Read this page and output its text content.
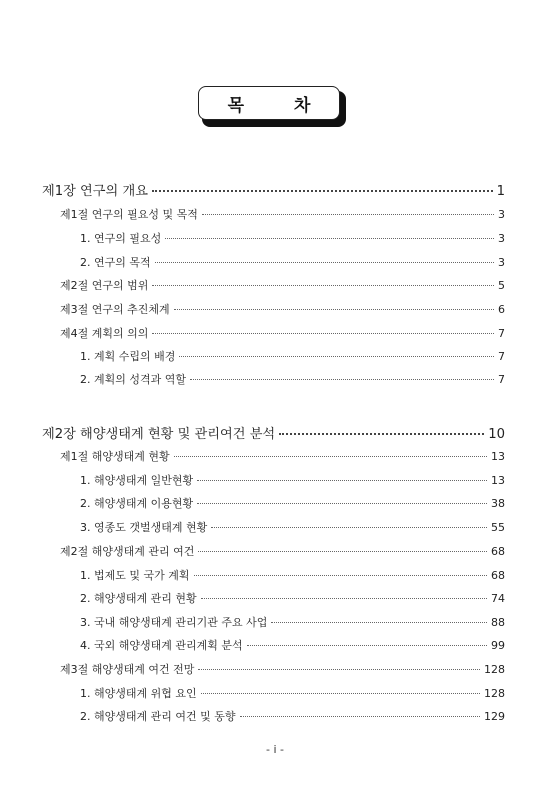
목 차
제1장 연구의 개요	1
제1절 연구의 필요성 및 목적	3
1. 연구의 필요성	3
2. 연구의 목적	3
제2절 연구의 범위	5
제3절 연구의 추진체계	6
제4절 계획의 의의	7
1. 계획 수립의 배경	7
2. 계획의 성격과 역할	7
제2장 해양생태계 현황 및 관리여건 분석	10
제1절 해양생태계 현황	13
1. 해양생태계 일반현황	13
2. 해양생태계 이용현황	38
3. 영종도 갯벌생태계 현황	55
제2절 해양생태계 관리 여건	68
1. 법제도 및 국가 계획	68
2. 해양생태계 관리 현황	74
3. 국내 해양생태계 관리기관 주요 사업	88
4. 국외 해양생태계 관리계획 분석	99
제3절 해양생태계 여건 전망	128
1. 해양생태계 위협 요인	128
2. 해양생태계 관리 여건 및 동향	129
- i -
